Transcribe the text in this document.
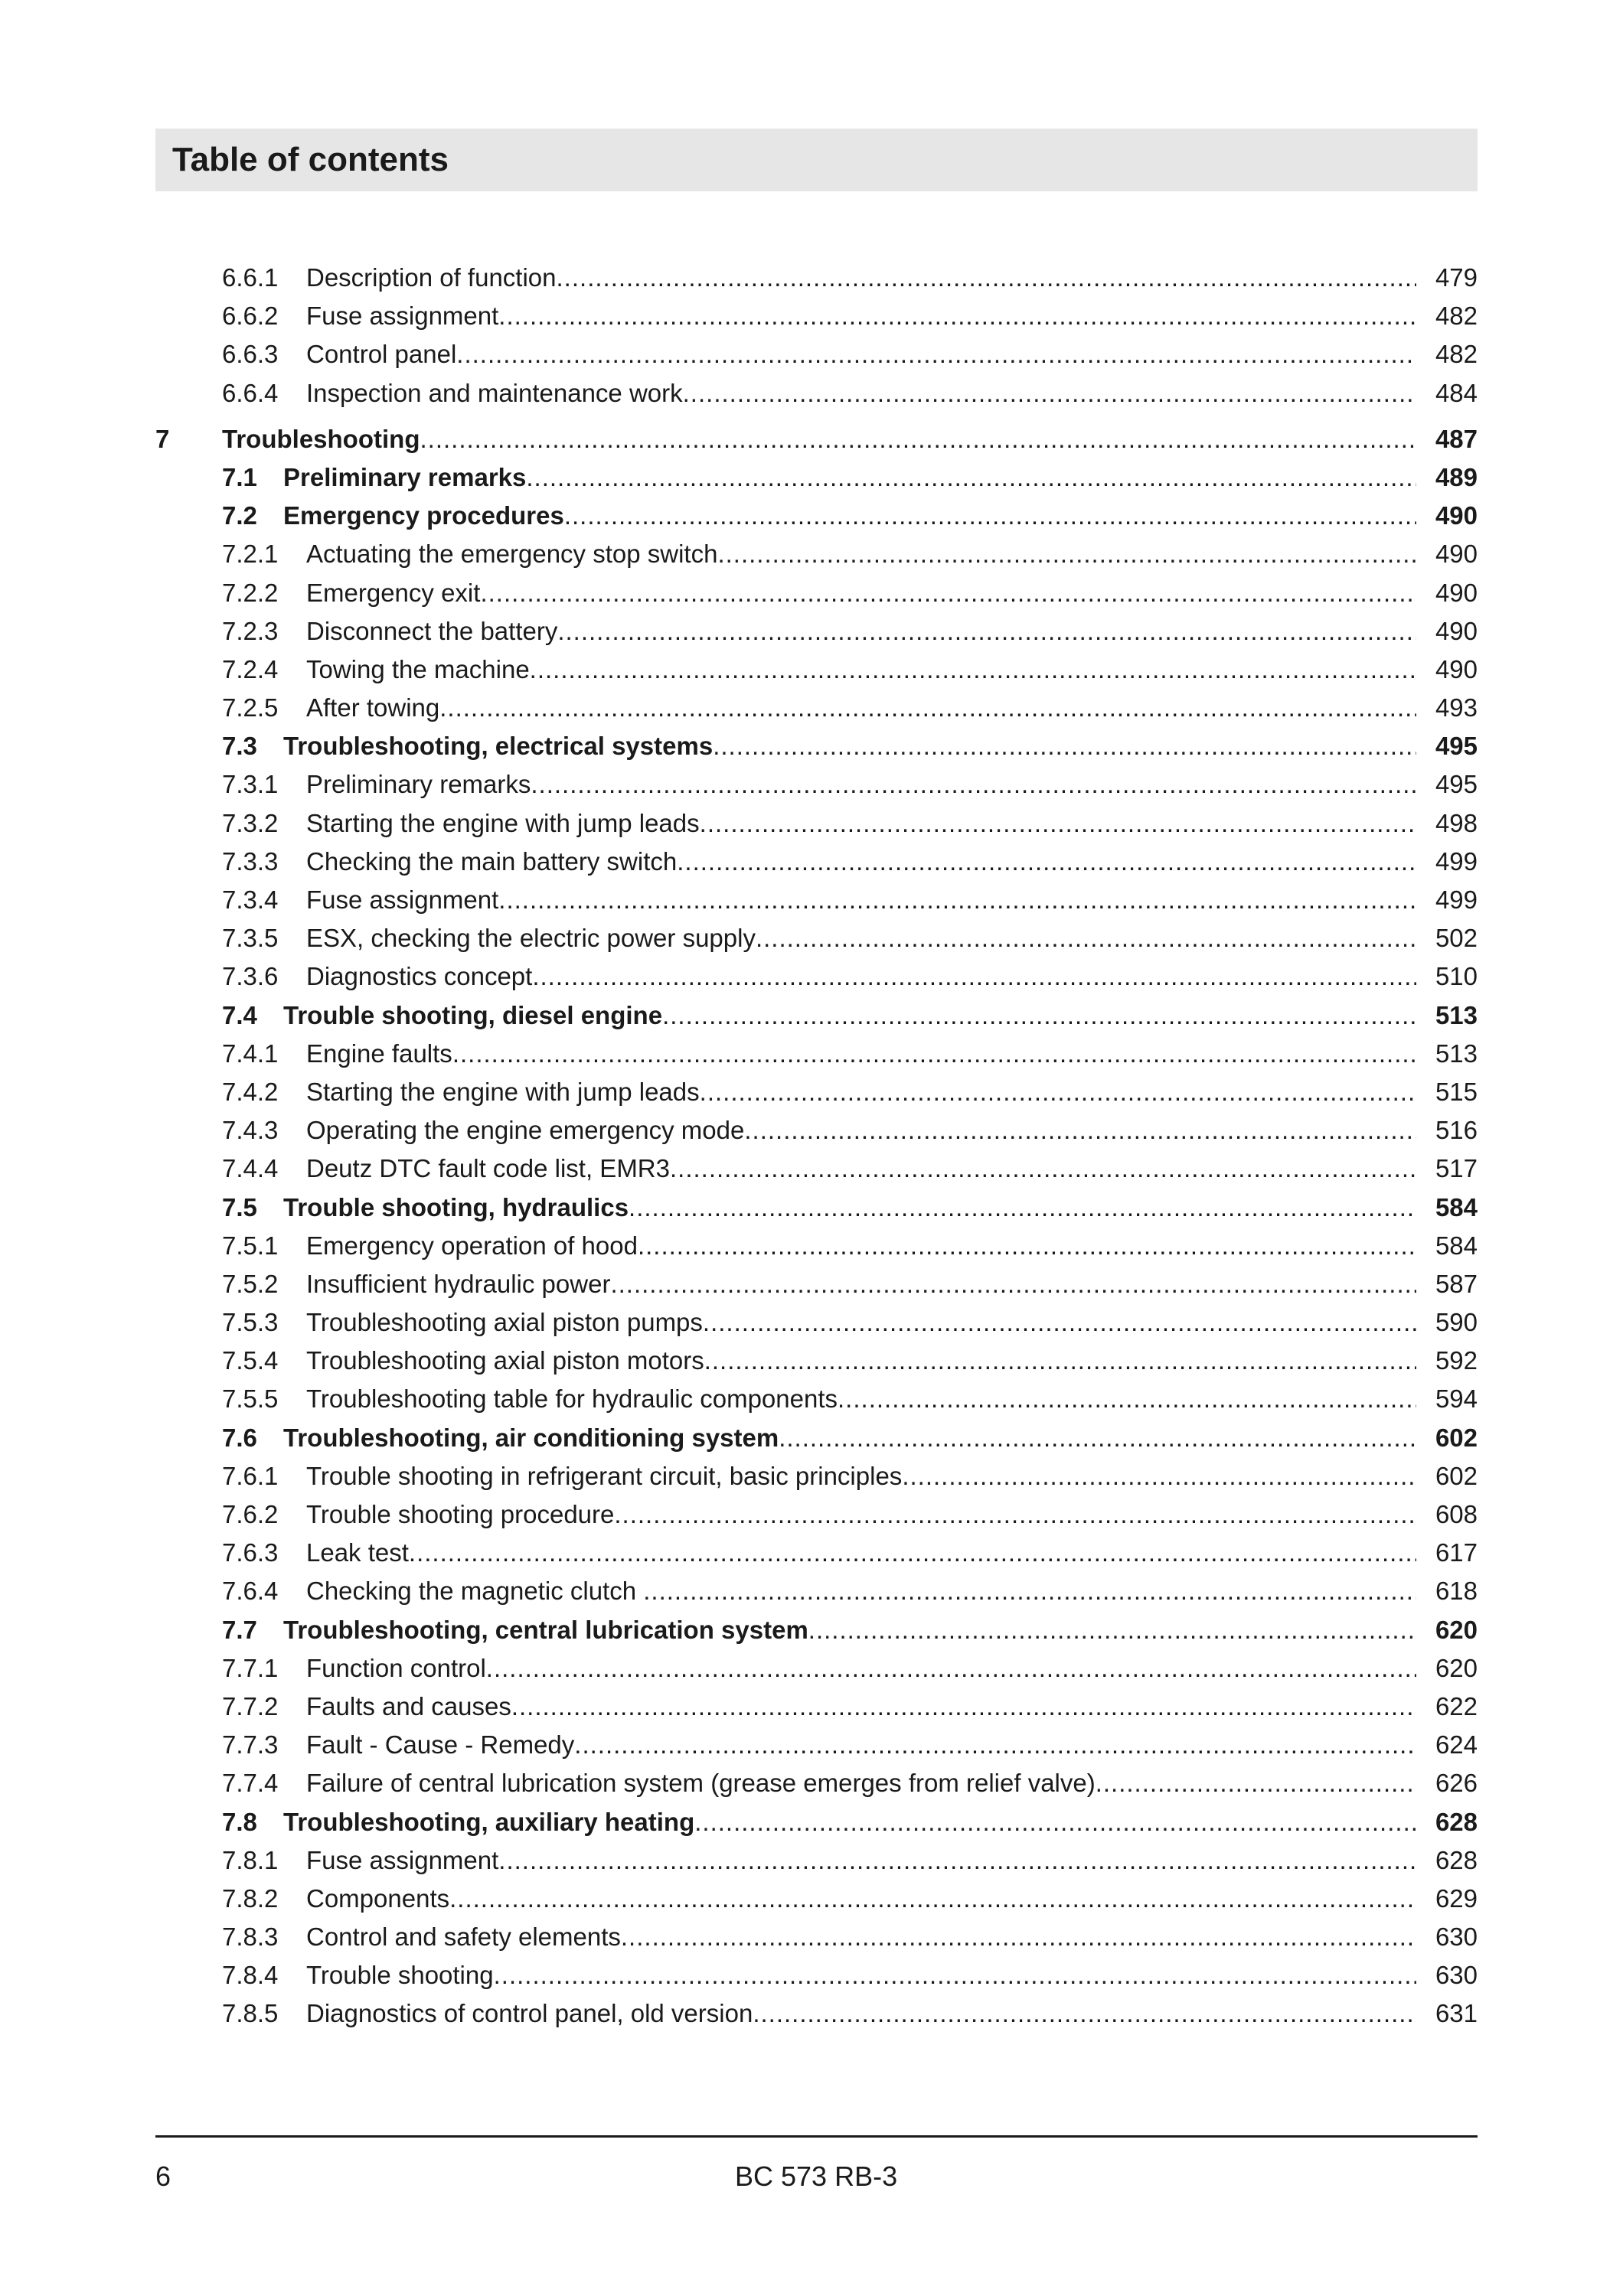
Table of contents
6.6.1 Description of function .....	479
6.6.2 Fuse assignment .....	482
6.6.3 Control panel .....	482
6.6.4 Inspection and maintenance work .....	484
7 Troubleshooting .....	487
7.1 Preliminary remarks .....	489
7.2 Emergency procedures .....	490
7.2.1 Actuating the emergency stop switch .....	490
7.2.2 Emergency exit .....	490
7.2.3 Disconnect the battery .....	490
7.2.4 Towing the machine .....	490
7.2.5 After towing .....	493
7.3 Troubleshooting, electrical systems .....	495
7.3.1 Preliminary remarks .....	495
7.3.2 Starting the engine with jump leads .....	498
7.3.3 Checking the main battery switch .....	499
7.3.4 Fuse assignment .....	499
7.3.5 ESX, checking the electric power supply .....	502
7.3.6 Diagnostics concept .....	510
7.4 Trouble shooting, diesel engine .....	513
7.4.1 Engine faults .....	513
7.4.2 Starting the engine with jump leads .....	515
7.4.3 Operating the engine emergency mode .....	516
7.4.4 Deutz DTC fault code list, EMR3 .....	517
7.5 Trouble shooting, hydraulics .....	584
7.5.1 Emergency operation of hood .....	584
7.5.2 Insufficient hydraulic power .....	587
7.5.3 Troubleshooting axial piston pumps .....	590
7.5.4 Troubleshooting axial piston motors .....	592
7.5.5 Troubleshooting table for hydraulic components .....	594
7.6 Troubleshooting, air conditioning system .....	602
7.6.1 Trouble shooting in refrigerant circuit, basic principles .....	602
7.6.2 Trouble shooting procedure .....	608
7.6.3 Leak test .....	617
7.6.4 Checking the magnetic clutch .....	618
7.7 Troubleshooting, central lubrication system .....	620
7.7.1 Function control .....	620
7.7.2 Faults and causes .....	622
7.7.3 Fault - Cause - Remedy .....	624
7.7.4 Failure of central lubrication system (grease emerges from relief valve) .....	626
7.8 Troubleshooting, auxiliary heating .....	628
7.8.1 Fuse assignment .....	628
7.8.2 Components .....	629
7.8.3 Control and safety elements .....	630
7.8.4 Trouble shooting .....	630
7.8.5 Diagnostics of control panel, old version .....	631
6	BC 573 RB-3
